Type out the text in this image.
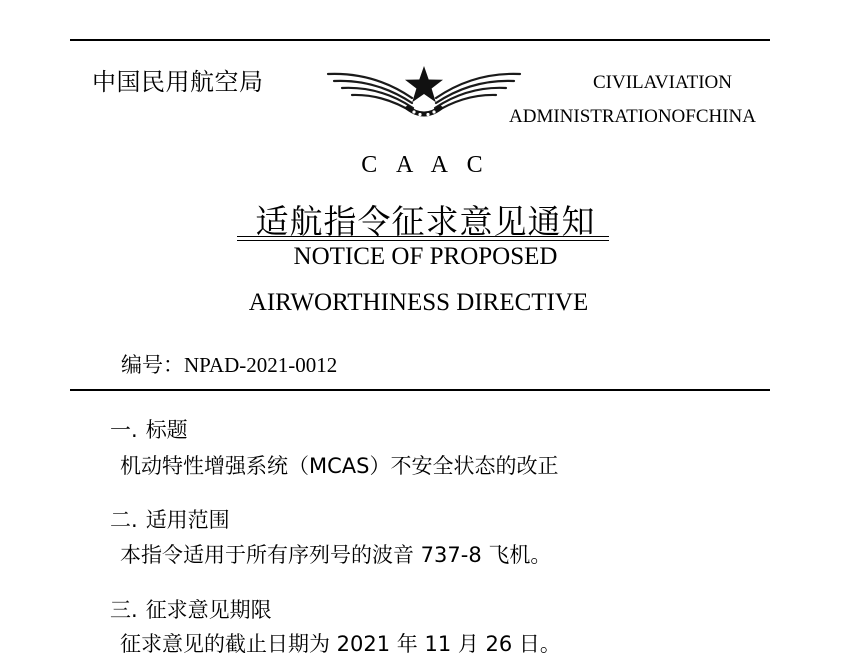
中国民用航空局	CIVILAVIATION
ADMINISTRATIONOFCHINA
C A A C
适航指令征求意见通知
NOTICE OF PROPOSED
AIRWORTHINESS DIRECTIVE
编号：NPAD-2021-0012
一. 标题
机动特性增强系统（MCAS）不安全状态的改正
二. 适用范围
本指令适用于所有序列号的波音 737-8 飞机。
三. 征求意见期限
征求意见的截止日期为 2021 年 11 月 26 日。
